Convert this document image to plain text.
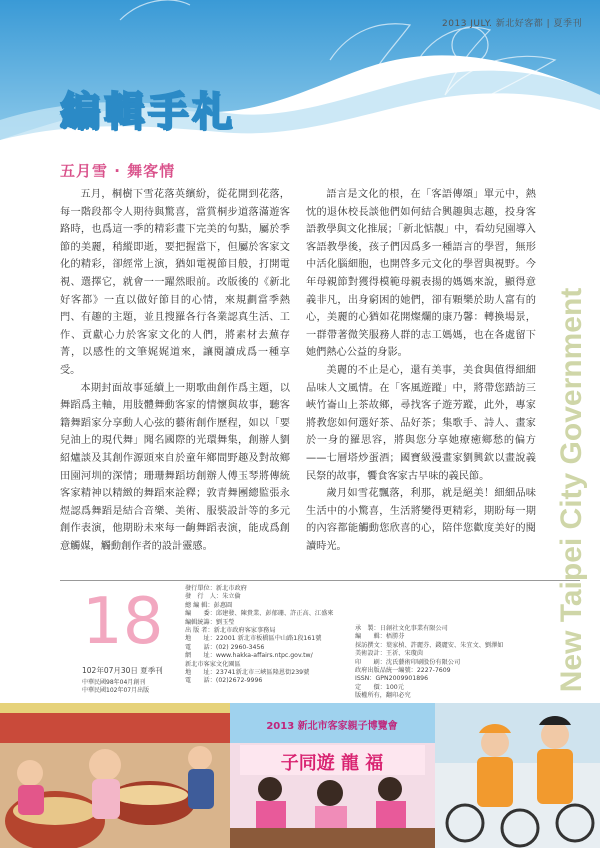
2013 JULY. 新北好客都 | 夏季刊
編輯手札
五月雪 · 舞客情

五月，桐樹下雪花落英繽紛，從花開到花落，每一階段都令人期待與驚喜，當賞桐步道落滿遊客路時，也爲這一季的精彩畫下完美的句點，屬於季節的美麗，稍縱即逝，要把握當下，但屬於客家文化的精彩，卻經常上演，猶如電視節目般，打開電視、選擇它，就會一一躍然眼前。改版後的《新北好客都》一直以做好節目的心情，來規劃當季熱門、有趣的主題，並且搜羅各行各業認真生活、工作、貢獻心力於客家文化的人們，將素材去蕪存菁，以感性的文筆娓娓道來，讓閱讀成爲一種享受。

本期封面故事延續上一期歌曲創作爲主題，以舞蹈爲主軸，用肢體舞動客家的情懷與故事，聽客籍舞蹈家分享動人心弦的藝術創作歷程，如以「要兒油上的現代舞」聞名國際的光環舞集，創辦人劉紹爐談及其創作源頭來自於童年鄉間野趣及對故鄉田園河圳的深情；珊珊舞蹈坊創辦人傅玉琴將傳統客家精神以精緻的舞蹈來詮釋；敦青舞團總監張永煜認爲舞蹈是結合音樂、美術、服裝設計等的多元創作表演，他期盼未來每一齣舞蹈表演，能成爲創意觸媒，觸動創作者的設計靈感。

語言是文化的根，在「客語傳頌」單元中，熱忱的退休校長談他們如何結合興趣與志趣，投身客語教學與文化推展；「新北惦靚」中，看幼兒園導入客語教學後，孩子們因爲多一種語言的學習，無形中活化腦細胞，也開啓多元文化的學習與視野。今年母親節對獲得模範母親表揚的媽媽來說，顯得意義非凡，出身窮困的她們，卻有顆樂於助人富有的心，美麗的心猶如花開燦爛的康乃馨：轉換場景，一群帶著微笑服務人群的志工媽媽，也在各處留下她們熱心公益的身影。

美麗的不止是心，還有美事，美食與值得細細品味人文風情。在「客風遊蹤」中，將帶您踏訪三峽竹崙山上茶故鄉，尋找客子遊芳蹤，此外，專家將教您如何選好茶、品好茶；集歌手、詩人、畫家於一身的羅思容，將與您分享她療癒鄉愁的偏方——七層塔炒蛋酒；國寶級漫畫家劉興欽以畫說義民祭的故事，饗食客家古早味的義民節。

歲月如雪花飄落，利那，就是絕美！細細品味生活中的小驚喜，生活將變得更精彩，期盼每一期的內容都能觸動您欣喜的心，陪伴您歡度美好的閱讀時光。	New Taipei City Government
18
102年07月30日 夏季刊
中華民國98年04月創刊
中華民國102年07月出版
發行單位：新北市政府
發　行　人：朱立倫
總 編 輯：彭惠圓
編　　委：邱建發、陳貴業、彭郁珊、許正高、江盛來
編輯統籌：劉玉瑩
出 版 者：新北市政府客家事務局
地　　址：22001 新北市板橋區中山路1段161號
電　　話：(02) 2960-3456
網　　址：www.hakka-affairs.ntpc.gov.tw/
新北市客家文化園區
地　　址：23741新北市三峽區隆恩街239號
電　　話：(02)2672-9996
承　製：日創社文化事業有限公司
編　　輯：梧勝芬
採訪撰文：葉家楨、許麗芬、錢麗安、朱宜文、劉澤如
美術設計：王祈、宋瓊茵
印　　刷：沈氏藝術印刷股份有限公司
政府出版品統一編號：2227-7609
ISSN：GPN2009901896
定　　價：100元
版權所有，翻印必究
2013 新北市客家親子博覽會
子同遊 龍 福
